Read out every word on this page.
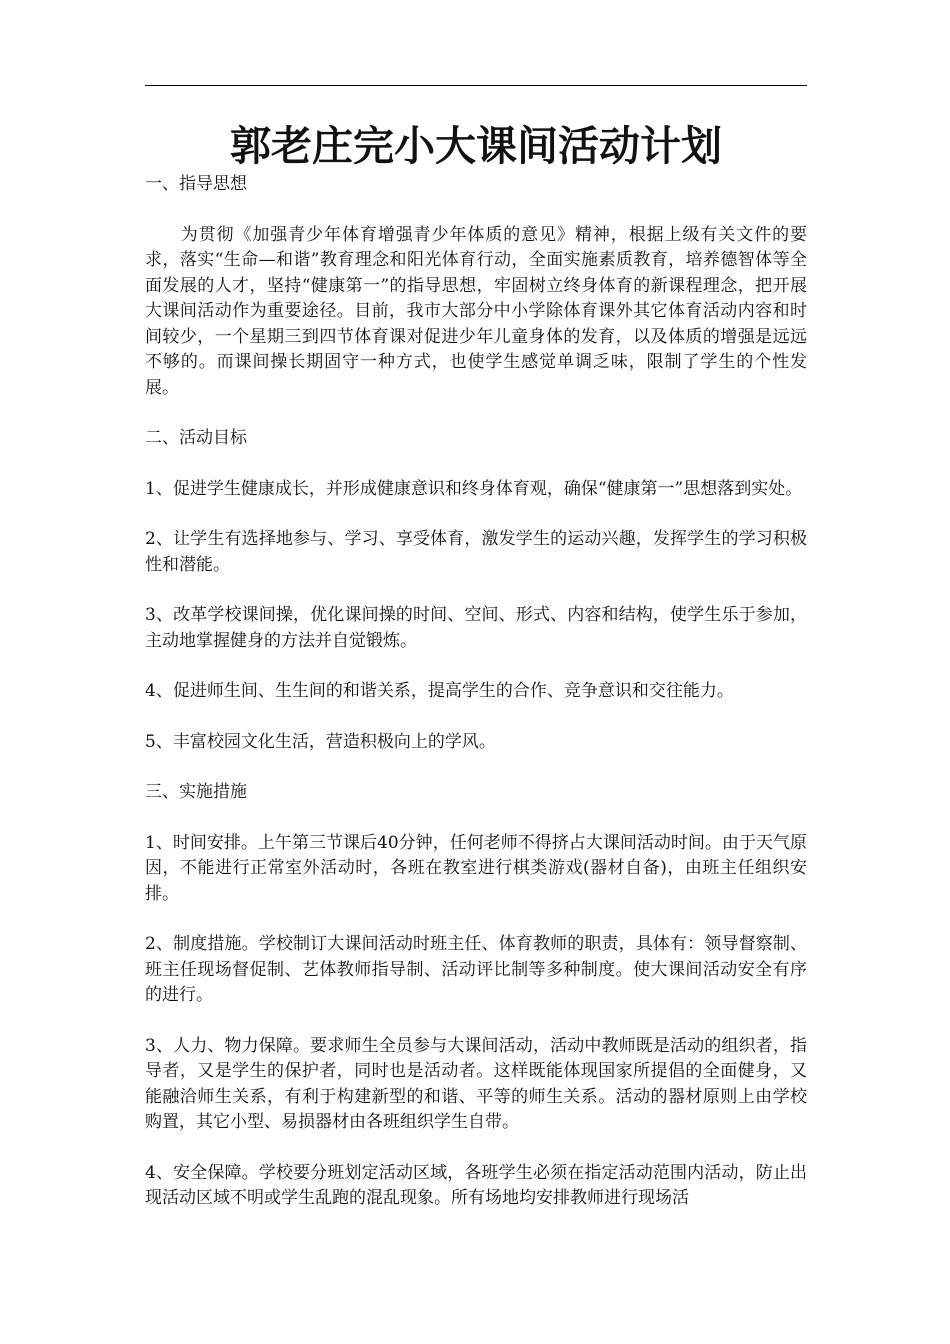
郭老庄完小大课间活动计划

一、指导思想

为贯彻《加强青少年体育增强青少年体质的意见》精神，根据上级有关文件的要求，落实“生命—和谐”教育理念和阳光体育行动，全面实施素质教育，培养德智体等全面发展的人才，坚持“健康第一”的指导思想，牢固树立终身体育的新课程理念，把开展大课间活动作为重要途径。目前，我市大部分中小学除体育课外其它体育活动内容和时间较少，一个星期三到四节体育课对促进少年儿童身体的发育，以及体质的增强是远远不够的。而课间操长期固守一种方式，也使学生感觉单调乏味，限制了学生的个性发展。

二、活动目标

1、促进学生健康成长，并形成健康意识和终身体育观，确保“健康第一”思想落到实处。

2、让学生有选择地参与、学习、享受体育，激发学生的运动兴趣，发挥学生的学习积极性和潜能。

3、改革学校课间操，优化课间操的时间、空间、形式、内容和结构，使学生乐于参加，主动地掌握健身的方法并自觉锻炼。

4、促进师生间、生生间的和谐关系，提高学生的合作、竞争意识和交往能力。

5、丰富校园文化生活，营造积极向上的学风。

三、实施措施

1、时间安排。上午第三节课后40分钟，任何老师不得挤占大课间活动时间。由于天气原因，不能进行正常室外活动时，各班在教室进行棋类游戏(器材自备)，由班主任组织安排。

2、制度措施。学校制订大课间活动时班主任、体育教师的职责，具体有：领导督察制、班主任现场督促制、艺体教师指导制、活动评比制等多种制度。使大课间活动安全有序的进行。

3、人力、物力保障。要求师生全员参与大课间活动，活动中教师既是活动的组织者，指导者，又是学生的保护者，同时也是活动者。这样既能体现国家所提倡的全面健身，又能融洽师生关系，有利于构建新型的和谐、平等的师生关系。活动的器材原则上由学校购置，其它小型、易损器材由各班组织学生自带。

4、安全保障。学校要分班划定活动区域，各班学生必须在指定活动范围内活动，防止出现活动区域不明或学生乱跑的混乱现象。所有场地均安排教师进行现场活
